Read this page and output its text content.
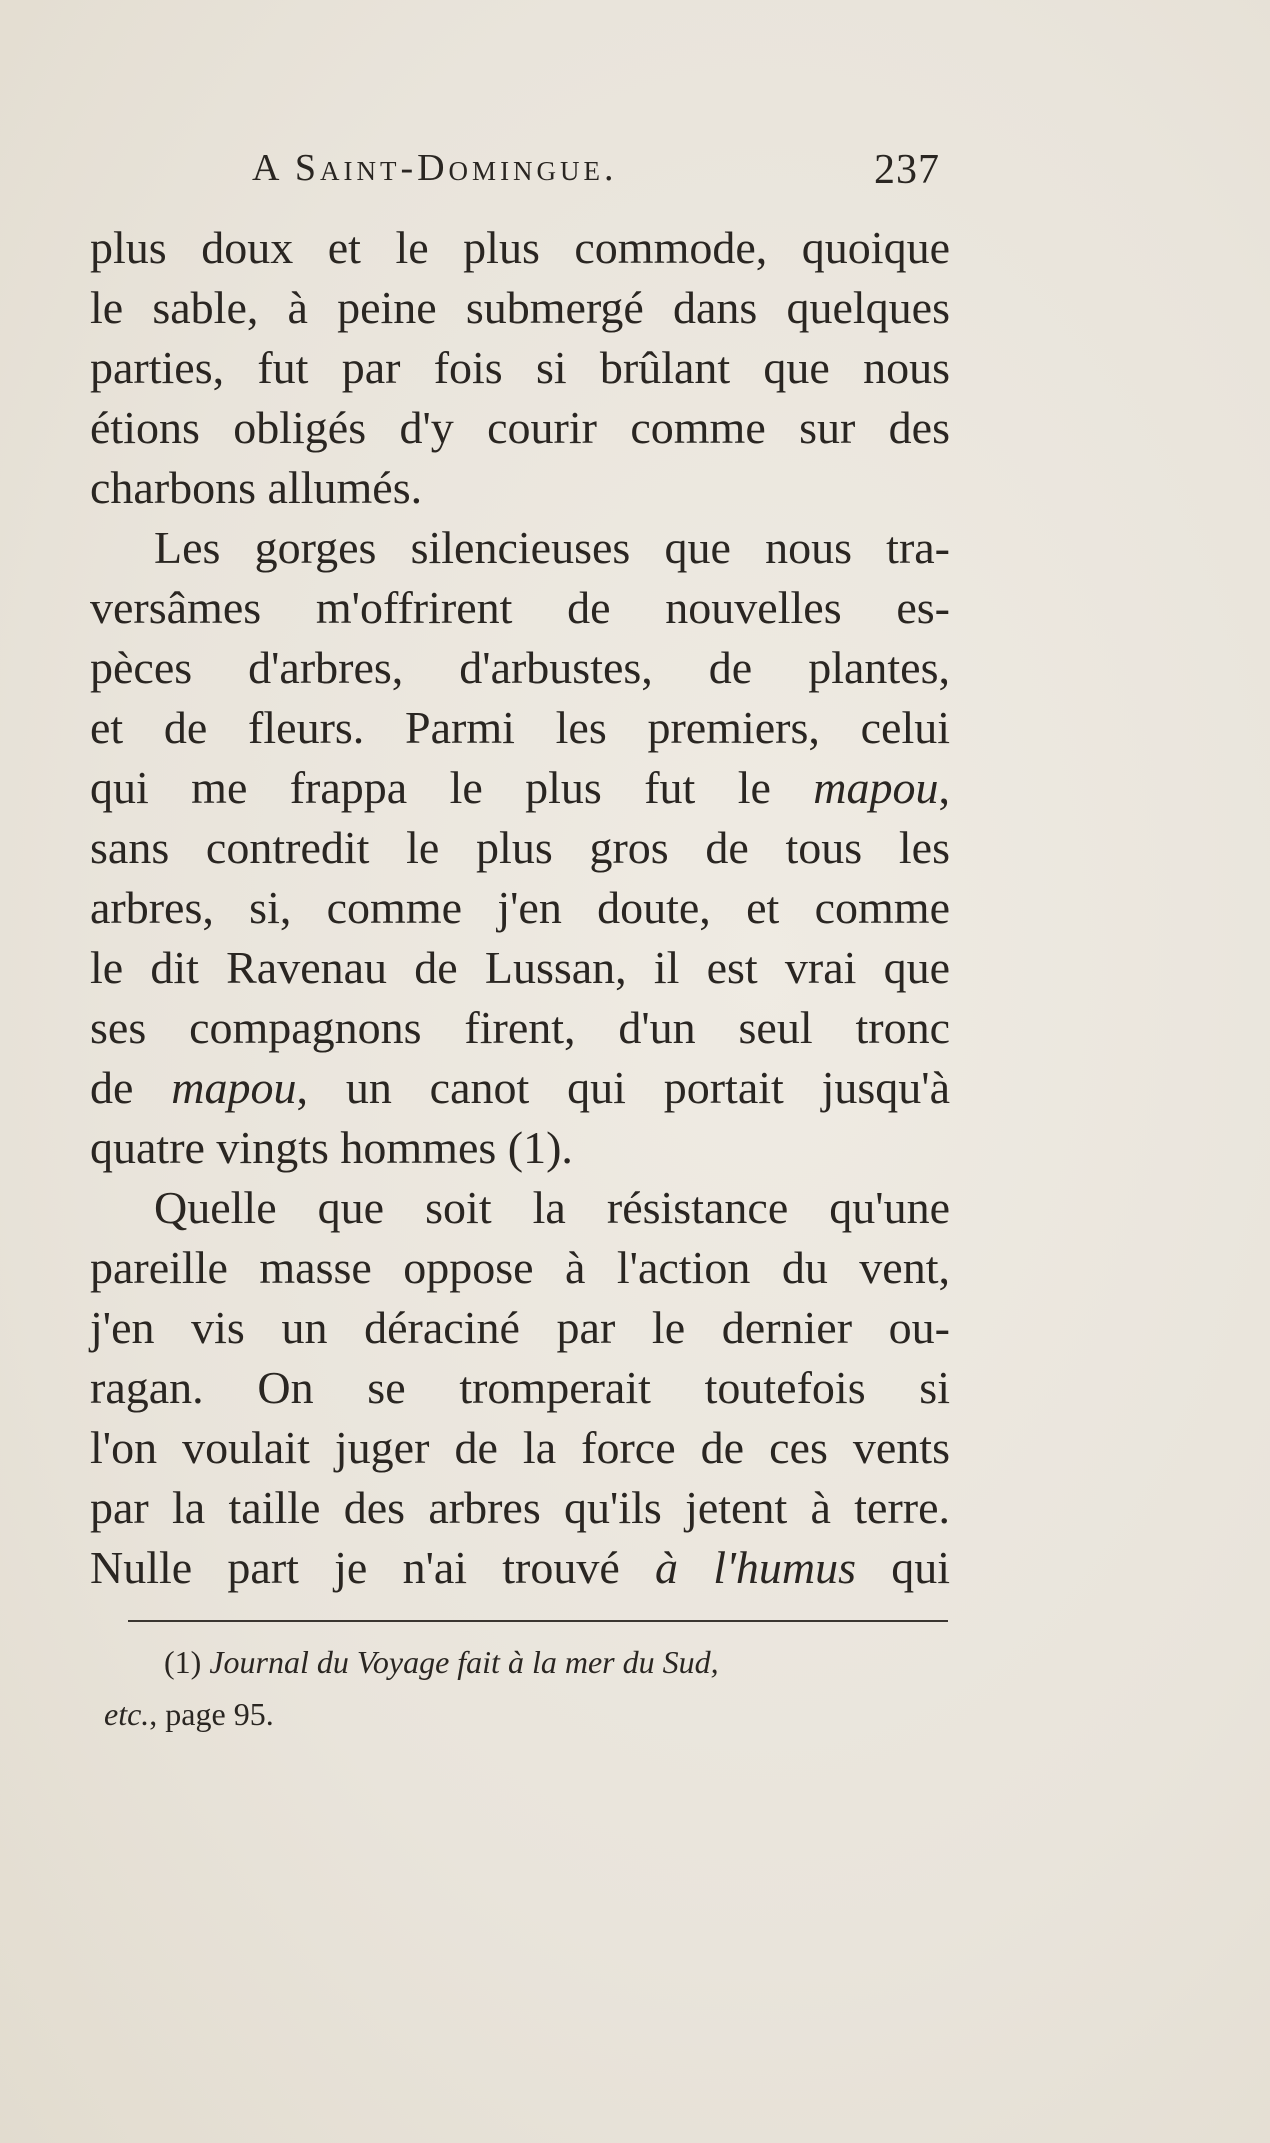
A Saint-Domingue.	237
plus doux et le plus commode, quoique
le sable, à peine submergé dans quelques
parties, fut par fois si brûlant que nous
étions obligés d'y courir comme sur des
charbons allumés.
Les gorges silencieuses que nous tra-
versâmes m'offrirent de nouvelles es-
pèces d'arbres, d'arbustes, de plantes,
et de fleurs. Parmi les premiers, celui
qui me frappa le plus fut le mapou,
sans contredit le plus gros de tous les
arbres, si, comme j'en doute, et comme
le dit Ravenau de Lussan, il est vrai que
ses compagnons firent, d'un seul tronc
de mapou, un canot qui portait jusqu'à
quatre vingts hommes (1).
Quelle que soit la résistance qu'une
pareille masse oppose à l'action du vent,
j'en vis un déraciné par le dernier ou-
ragan. On se tromperait toutefois si
l'on voulait juger de la force de ces vents
par la taille des arbres qu'ils jetent à terre.
Nulle part je n'ai trouvé à l'humus qui
(1) Journal du Voyage fait à la mer du Sud,
etc., page 95.
